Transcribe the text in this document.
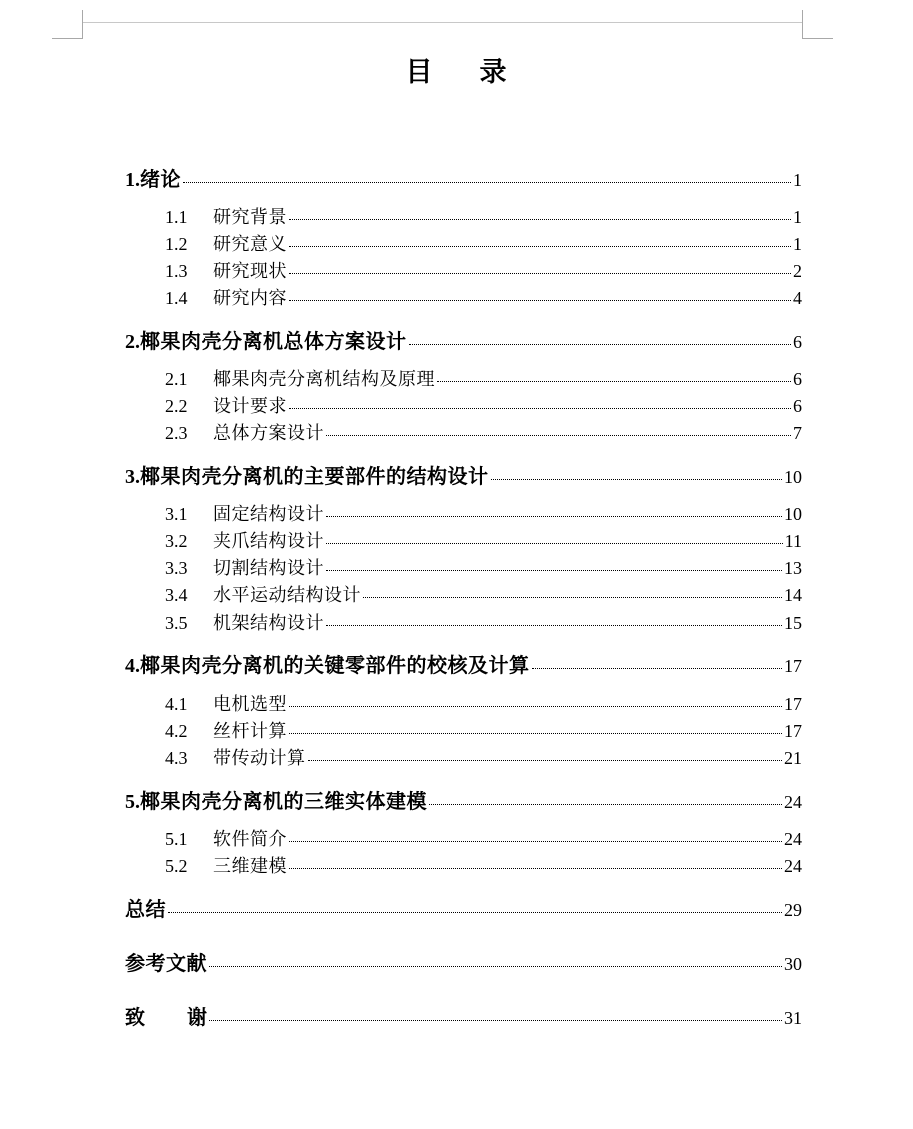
目 录
1. 绪论	1
1.1	研究背景	1
1.2	研究意义	1
1.3	研究现状	2
1.4	研究内容	4
2. 椰果肉壳分离机总体方案设计	6
2.1	椰果肉壳分离机结构及原理	6
2.2	设计要求	6
2.3	总体方案设计	7
3. 椰果肉壳分离机的主要部件的结构设计	10
3.1	固定结构设计	10
3.2	夹爪结构设计	11
3.3	切割结构设计	13
3.4	水平运动结构设计	14
3.5	机架结构设计	15
4. 椰果肉壳分离机的关键零部件的校核及计算	17
4.1	电机选型	17
4.2	丝杆计算	17
4.3	带传动计算	21
5. 椰果肉壳分离机的三维实体建模	24
5.1	软件简介	24
5.2	三维建模	24
总结	29
参考文献	30
致 谢	31
